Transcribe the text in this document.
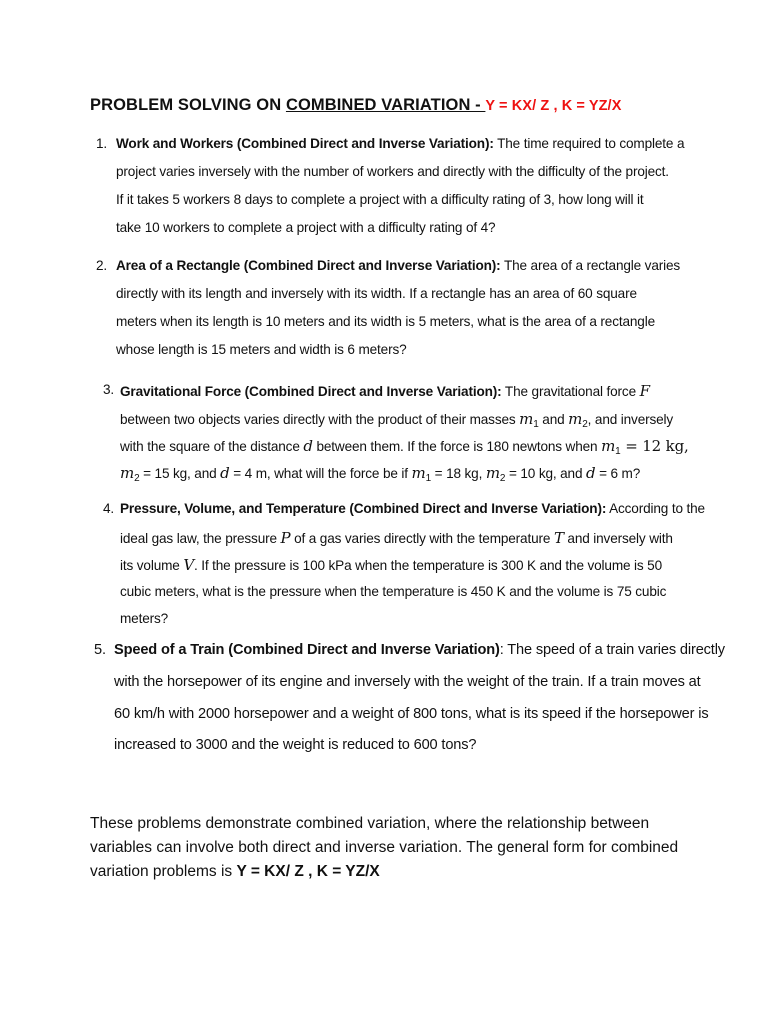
PROBLEM SOLVING ON COMBINED VARIATION - Y = KX/ Z , K = YZ/X
1. Work and Workers (Combined Direct and Inverse Variation): The time required to complete a
project varies inversely with the number of workers and directly with the difficulty of the project.
If it takes 5 workers 8 days to complete a project with a difficulty rating of 3, how long will it
take 10 workers to complete a project with a difficulty rating of 4?
2. Area of a Rectangle (Combined Direct and Inverse Variation): The area of a rectangle varies
directly with its length and inversely with its width. If a rectangle has an area of 60 square
meters when its length is 10 meters and its width is 5 meters, what is the area of a rectangle
whose length is 15 meters and width is 6 meters?
3. Gravitational Force (Combined Direct and Inverse Variation): The gravitational force F
between two objects varies directly with the product of their masses $m_1$ and $m_2$, and inversely
with the square of the distance d between them. If the force is 180 newtons when $m_1 = 12$ kg,
$m_2 = 15$ kg, and d = 4 m, what will the force be if $m_1 = 18$ kg, $m_2 = 10$ kg, and d = 6 m?
4. Pressure, Volume, and Temperature (Combined Direct and Inverse Variation): According to the
ideal gas law, the pressure P of a gas varies directly with the temperature T and inversely with
its volume V. If the pressure is 100 kPa when the temperature is 300 K and the volume is 50
cubic meters, what is the pressure when the temperature is 450 K and the volume is 75 cubic
meters?
5. Speed of a Train (Combined Direct and Inverse Variation): The speed of a train varies directly
with the horsepower of its engine and inversely with the weight of the train. If a train moves at
60 km/h with 2000 horsepower and a weight of 800 tons, what is its speed if the horsepower is
increased to 3000 and the weight is reduced to 600 tons?
These problems demonstrate combined variation, where the relationship between variables can involve both direct and inverse variation. The general form for combined variation problems is Y = KX/ Z , K = YZ/X
